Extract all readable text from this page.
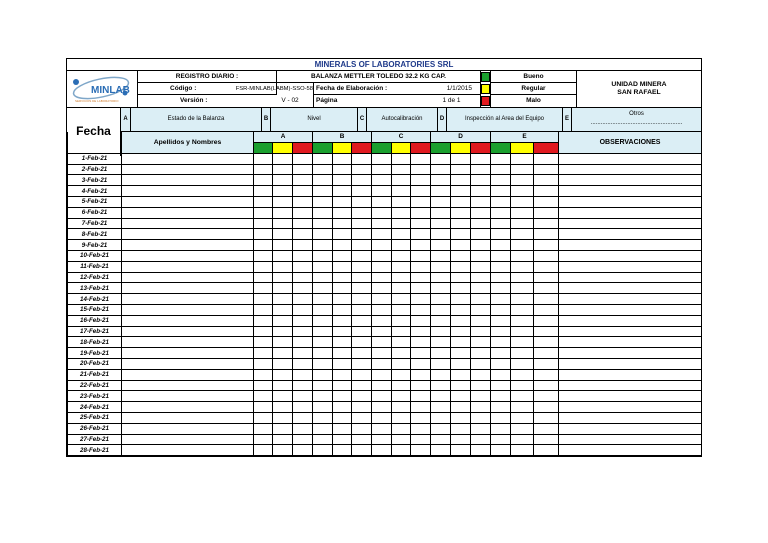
MINERALS OF LABORATORIES SRL
MINLAB
SERVICIOS DE LABORATORIO
REGISTRO DIARIO :	BALANZA METTLER TOLEDO 32.2 KG CAP.
Código :	FSR-MINLAB(LABM)-SSO-58 Fecha de Elaboración :	1/1/2015
Versión :	V - 02	Página	1 de 1
Bueno
Regular
Malo
UNIDAD MINERA
SAN RAFAEL
Fecha
A	Estado de la Balanza	B	Nivel	C	Autocalibración	D	Inspección al Area del Equipo	E
Otros
.......................................................
	Apellidos y Nombres	A			B			C			D			E			OBSERVACIONES

1-Feb-21																	
2-Feb-21																	
3-Feb-21																	
4-Feb-21																	
5-Feb-21																	
6-Feb-21																	
7-Feb-21																	
8-Feb-21																	
9-Feb-21																	
10-Feb-21																	
11-Feb-21																	
12-Feb-21																	
13-Feb-21																	
14-Feb-21																	
15-Feb-21																	
16-Feb-21																	
17-Feb-21																	
18-Feb-21																	
19-Feb-21																	
20-Feb-21																	
21-Feb-21																	
22-Feb-21																	
23-Feb-21																	
24-Feb-21																	
25-Feb-21																	
26-Feb-21																	
27-Feb-21																	
28-Feb-21																	
